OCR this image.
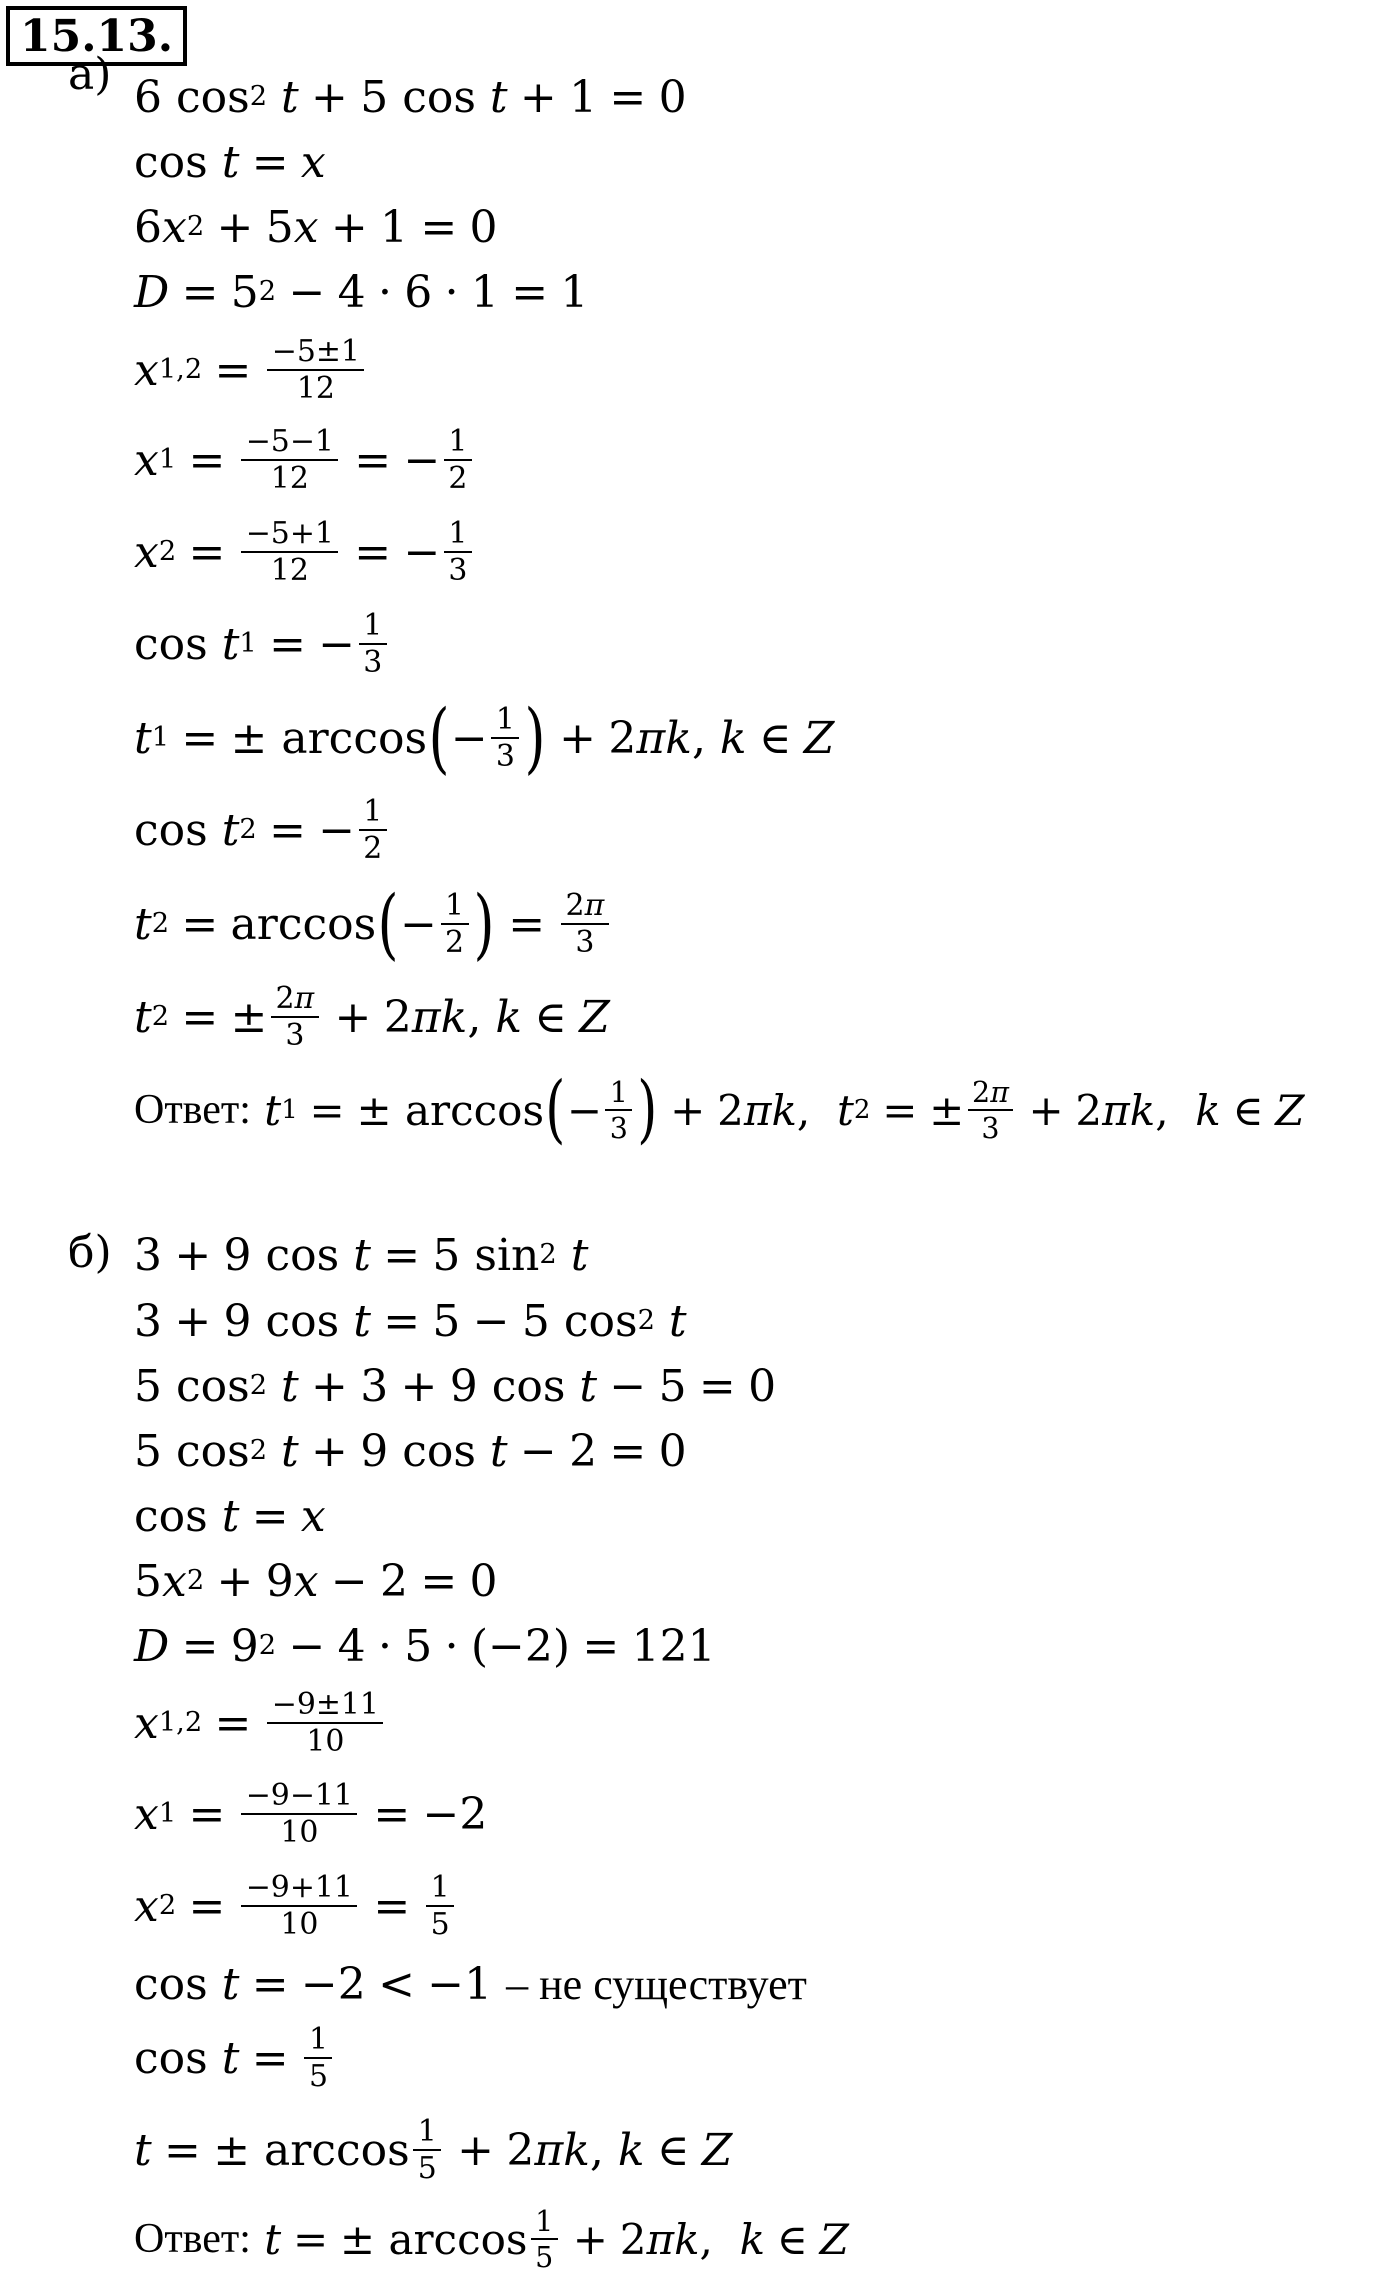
15.13.
а) 6 cos 2 t + 5 cos t + 1 = 0
cos t = x
6 x 2 + 5 x + 1 = 0
D = 5 2 − 4 · 6 · 1 = 1
x $1,2 = \frac{-5\pm 1}{12}$
x $1 = \frac{-5-1}{12}$ = − $\frac{1}{2}$
x $2 = \frac{-5+1}{12}$ = − $\frac{1}{3}$
cos t 1 = − $\frac{1}{3}$
t 1 = ± arccos ( − $\frac{1}{3}$ ) + 2 πk , k ∈ Z
cos t 2 = − $\frac{1}{2}$
t 2 = arccos ( − $\frac{1}{2}$ ) = $\frac{2\pi}{3}$
t 2 = ± $\frac{2\pi}{3} + 2$ πk , k ∈ Z
Ответ:
t 1 = ± arccos ( − $\frac{1}{3}$ ) + 2 πk , t 2 = ± $\frac{2\pi}{3} + 2$ πk , k ∈ Z
б) 3 + 9 cos t = 5 sin 2 t
3 + 9 cos t = 5 − 5 cos 2 t
5 cos 2 t + 3 + 9 cos t − 5 = 0
5 cos 2 t + 9 cos t − 2 = 0
cos t = x
5 x 2 + 9 x − 2 = 0
D = 9 2 − 4 · 5 · (−2) = 121
x $1,2 = \frac{-9\pm 11}{10}$
x $1 = \frac{-9-11}{10} = -2$
x $2 = \frac{-9+11}{10} = \frac{1}{5}$
cos t = −2 < −1 – не существует
$\cos t = \frac{1}{5}$
t = ± $\arccos \frac{1}{5} + 2$ πk , k ∈ Z
Ответ:
t = ± $\arccos \frac{1}{5} + 2$ πk , k ∈ Z
